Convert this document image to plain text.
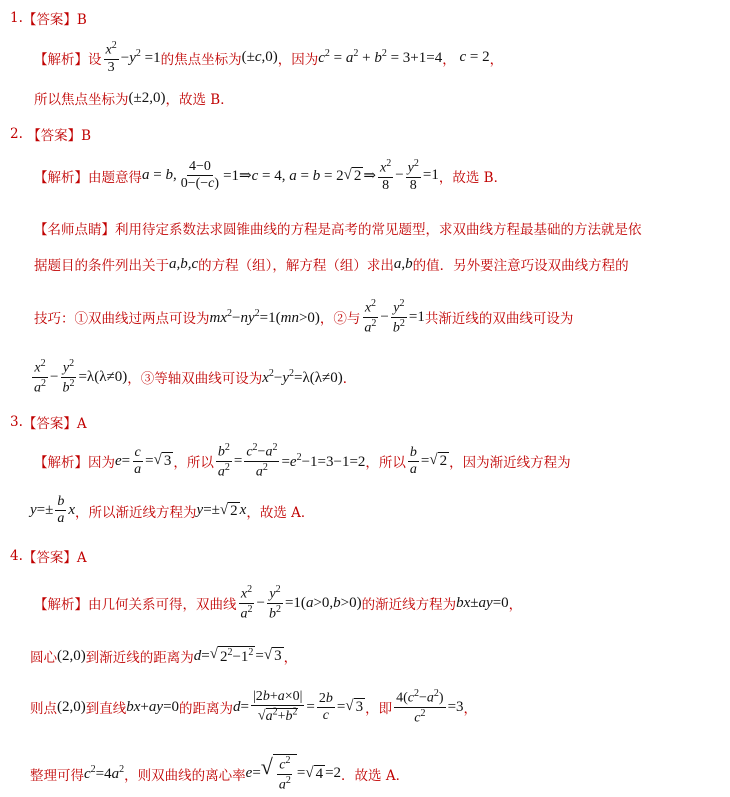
1. 【答案】B
【解析】设 $\frac{x^2}{3} -y^2 =1$ 的焦点坐标为 (±c,0) ，因为 $c^2 = a^2 + b^2 = 3+1=4$ ， c = 2 ，
所以焦点坐标为 (±2,0) ，故选 B．
2.
【答案】B
【解析】由题意得 a = b , $\frac{4-0}{0-(-c)}$ =1⇒c = 4, a = b = 2 √ 2 ⇒ $\frac{x^2}{8} - \frac{y^2}{8} =1$ ，故选 B．
【名师点睛】利用待定系数法求圆锥曲线的方程是高考的常见题型，求双曲线方程最基础的方法就是依
据题目的条件列出关于 a,b,c 的方程（组），解方程（组）求出 a,b 的值．另外要注意巧设双曲线方程的
技巧：①双曲线过两点可设为 $mx^2-ny^2=1(mn>0)$ ，②与 $\frac{x^2}{a^2} - \frac{y^2}{b^2} =1$ 共渐近线的双曲线可设为
$\frac{x^2}{a^2} - \frac{y^2}{b^2} =\lambda(\lambda\ne 0)$ ，③等轴双曲线可设为 $x^2-y^2=\lambda(\lambda\ne 0)$ ．
3. 【答案】A
【解析】因为 $e = \frac{c}{a}$ = √ 3 ，所以 $\frac{b^2}{a^2} = \frac{c^2-a^2}{a^2} =e^2-1=3-1=2$ ，所以 $\frac{b}{a}$ = √ 2 ，因为渐近线方程为
$y =\pm \frac{b}{a}$ x ，所以渐近线方程为 y=± √ 2 x ，故选 A．
4. 【答案】A
【解析】由几何关系可得，双曲线 $\frac{x^2}{a^2} - \frac{y^2}{b^2} =1(a>0,b>0)$ 的渐近线方程为 bx±ay=0 ，
圆心 (2,0) 到渐近线的距离为 d= √ $2^2-1^2$ = √ 3 ，
则点 (2,0) 到直线 bx+ay=0 的距离为 $d= \frac{|2b+a\times 0|}{√a^2+b^2} = \frac{2b}{c}$ = √ 3 ，即 $\frac{4(c^2-a^2)}{c^2} =3$ ，
整理可得 $c^2=4a^2$ ，则双曲线的离心率 e= √ $\frac{c^2}{a^2}$ = √ 4 =2 ．故选 A．
